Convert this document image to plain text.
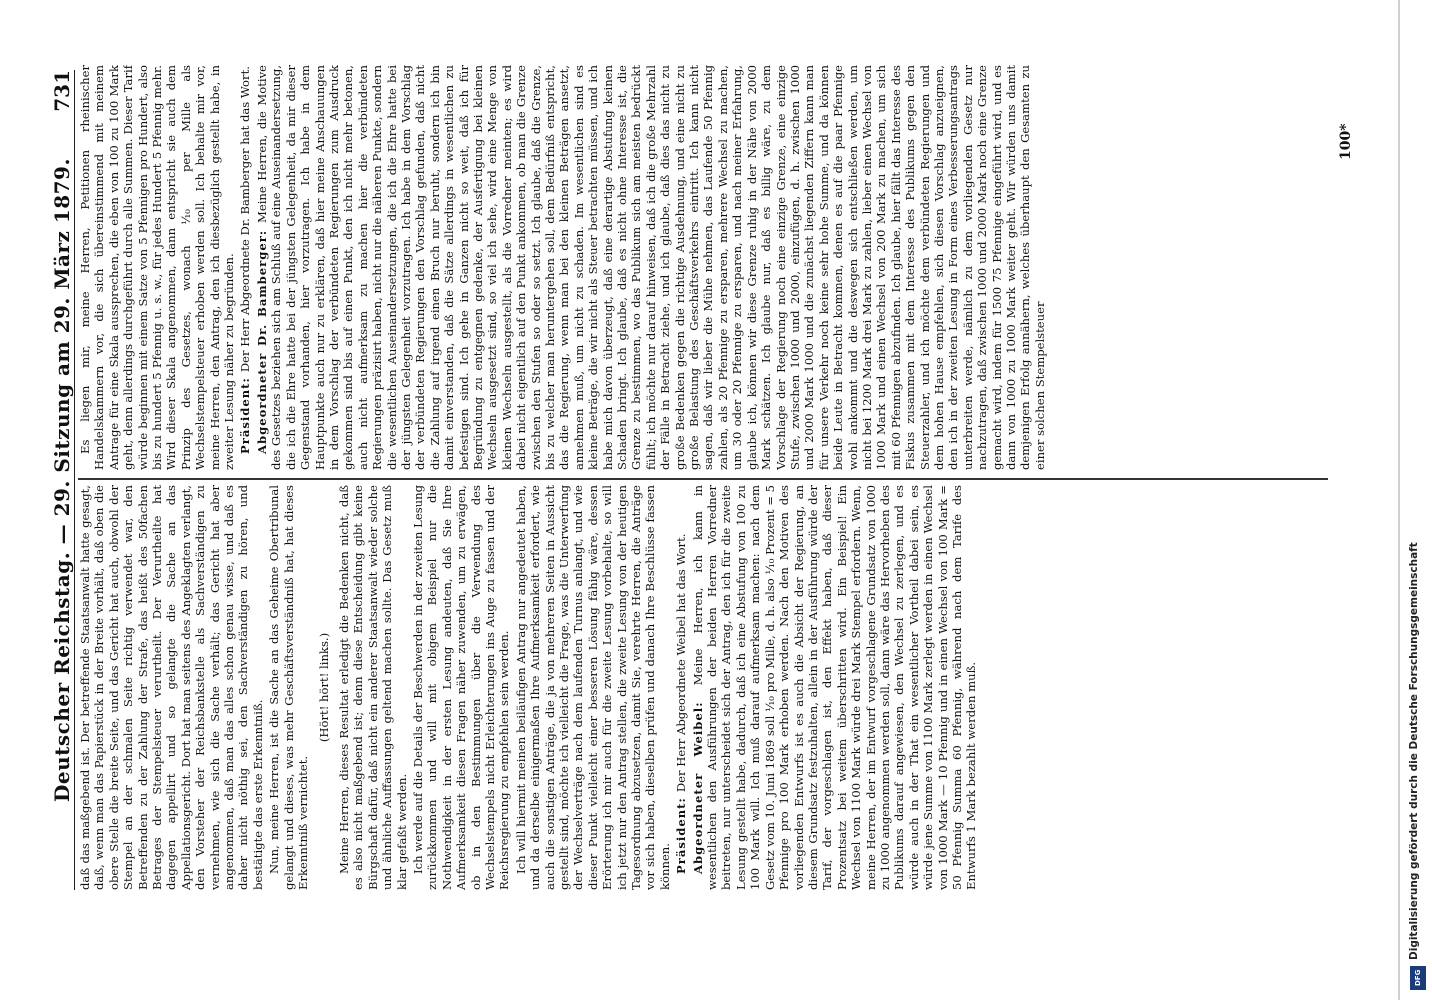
Deutscher Reichstag. — 29. Sitzung am 29. März 1879.
731

daß das maßgebend ist. Der betreffende Staatsanwalt hatte gesagt, daß, wenn man das Papierstück in der Breite vorhält, daß oben die obere Stelle die breite Seite, und das Gericht hat auch, obwohl der Stempel an der schmalen Seite richtig verwendet war, den Betreffenden zu der Zahlung der Strafe, das heißt des 50fachen Betrages der Stempelsteuer verurtheilt. Der Verurtheilte hat dagegen appellirt und so gelangte die Sache an das Appellationsgericht. Dort hat man seitens des Angeklagten verlangt, den Vorsteher der Reichsbankstelle als Sachverständigen zu vernehmen, wie sich die Sache verhält; das Gericht hat aber angenommen, daß man das alles schon genau wisse, und daß es daher nicht nöthig sei, den Sachverständigen zu hören, und bestätigte das erste Erkenntniß. Nun, meine Herren, ist die Sache an das Geheime Obertribunal gelangt und dieses, was mehr Geschäftsverständniß hat, hat dieses Erkenntniß vernichtet.

(Hört! hört! links.) Meine Herren, dieses Resultat erledigt die Bedenken nicht, daß es also nicht maßgebend ist; denn diese Entscheidung gibt keine Bürgschaft dafür, daß nicht ein anderer Staatsanwalt wieder solche und ähnliche Auffassungen geltend machen sollte. Das Gesetz muß klar gefaßt werden. Ich werde auf die Details der Beschwerden in der zweiten Lesung zurückkommen und will mit obigem Beispiel nur die Nothwendigkeit in der ersten Lesung andeuten, daß Sie Ihre Aufmerksamkeit diesen Fragen näher zuwenden, um zu erwägen, ob in den Bestimmungen über die Verwendung des Wechselstempels nicht Erleichterungen ins Auge zu fassen und der Reichsregierung zu empfehlen sein werden. Ich will hiermit meinen beiläufigen Antrag nur angedeutet haben, und da derselbe einigermaßen Ihre Aufmerksamkeit erfordert, wie auch die sonstigen Anträge, die ja von mehreren Seiten in Aussicht gestellt sind, möchte ich vielleicht die Frage, was die Unterwerfung der Wechselverträge nach dem laufenden Turnus anlangt, und wie dieser Punkt vielleicht einer besseren Lösung fähig wäre, dessen Erörterung ich mir auch für die zweite Lesung vorbehalte, so will ich jetzt nur den Antrag stellen, die zweite Lesung von der heutigen Tagesordnung abzusetzen, damit Sie, verehrte Herren, die Anträge vor sich haben, dieselben prüfen und danach Ihre Beschlüsse fassen können. Präsident: Der Herr Abgeordnete Weibel hat das Wort. Abgeordneter Weibel: Meine Herren, ich kann in wesentlichen den Ausführungen der beiden Herren Vorredner beitreten, nur unterscheidet sich der Antrag, den ich für die zweite Lesung gestellt habe, dadurch, daß ich eine Abstufung von 100 zu 100 Mark will. Ich muß darauf aufmerksam machen: nach dem Gesetz vom 10. Juni 1869 soll ⅒ pro Mille, d. h. also ⅒ Prozent = 5 Pfennige pro 100 Mark erhoben werden. Nach den Motiven des vorliegenden Entwurfs ist es auch die Absicht der Regierung, an diesem Grundsatz festzuhalten, allein in der Ausführung würde der Tarif, der vorgeschlagen ist, den Effekt haben, daß dieser Prozentsatz bei weitem überschritten wird. Ein Beispiel! Ein Wechsel von 1100 Mark würde drei Mark Stempel erfordern. Wenn, meine Herren, der im Entwurf vorgeschlagene Grundsatz von 1000 zu 1000 angenommen werden soll, dann wäre das Hervorheben des Publikums darauf angewiesen, den Wechsel zu zerlegen, und es würde auch in der That ein wesentlicher Vortheil dabei sein, es würde jene Summe von 1100 Mark zerlegt werden in einen Wechsel von 1000 Mark — 10 Pfennig und in einen Wechsel von 100 Mark = 50 Pfennig Summa 60 Pfennig, während nach dem Tarife des Entwurfs 1 Mark bezahlt werden muß.

Es liegen mir, meine Herren, Petitionen rheinischer Handelskammern vor, die sich übereinstimmend mit meinem Antrage für eine Skala aussprechen, die eben von 100 zu 100 Mark geht, denn allerdings durchgeführt durch alle Summen. Dieser Tarif würde beginnen mit einem Satze von 5 Pfennigen pro Hundert, also bis zu hundert 5 Pfennig u. s. w., für jedes Hundert 5 Pfennig mehr. Wird dieser Skala angenommen, dann entspricht sie auch dem Prinzip des Gesetzes, wonach ⅒ per Mille als Wechselstempelsteuer erhoben werden soll. Ich behalte mir vor, meine Herren, den Antrag, den ich diesbezüglich gestellt habe, in zweiter Lesung näher zu begründen. Präsident: Der Herr Abgeordnete Dr. Bamberger hat das Wort. Abgeordneter Dr. Bamberger: Meine Herren, die Motive des Gesetzes beziehen sich am Schluß auf eine Auseinandersetzung, die ich die Ehre hatte bei der jüngsten Gelegenheit, da mir dieser Gegenstand vorhanden, hier vorzutragen. Ich habe in dem Hauptpunkte auch nur zu erklären, daß hier meine Anschauungen in dem Vorschlag der verbündeten Regierungen zum Ausdruck gekommen sind bis auf einen Punkt, den ich nicht mehr betonen, auch nicht aufmerksam zu machen hier die verbündeten Regierungen präzisirt haben, nicht nur die näheren Punkte, sondern die wesentlichen Auseinandersetzungen, die ich die Ehre hatte bei der jüngsten Gelegenheit vorzutragen. Ich habe in dem Vorschlag der verbündeten Regierungen den Vorschlag gefunden, daß nicht die Zahlung auf irgend einen Bruch nur beruht, sondern ich bin damit einverstanden, daß die Sätze allerdings in wesentlichen zu befestigen sind. Ich gehe in Ganzen nicht so weit, daß ich für Begründung zu entgegnen gedenke, der Ausfertigung bei kleinen Wechseln ausgesetzt sind, so viel ich sehe, wird eine Menge von kleinen Wechseln ausgestellt, als die Vorredner meinten; es wird dabei nicht eigentlich auf den Punkt ankommen, ob man die Grenze zwischen den Stufen so oder so setzt. Ich glaube, daß die Grenze, bis zu welcher man heruntergehen soll, dem Bedürfniß entspricht, das die Regierung, wenn man bei den kleinen Beträgen ansetzt, annehmen muß, um nicht zu schaden. Im wesentlichen sind es kleine Beträge, die wir nicht als Steuer betrachten müssen, und ich habe mich davon überzeugt, daß eine derartige Abstufung keinen Schaden bringt. Ich glaube, daß es nicht ohne Interesse ist, die Grenze zu bestimmen, wo das Publikum sich am meisten bedrückt fühlt; ich möchte nur darauf hinweisen, daß ich die große Mehrzahl der Fälle in Betracht ziehe, und ich glaube, daß dies das nicht zu große Bedenken gegen die richtige Ausdehnung, und eine nicht zu große Belastung des Geschäftsverkehrs eintritt. Ich kann nicht sagen, daß wir lieber die Mühe nehmen, das Laufende 50 Pfennig zahlen, als 20 Pfennige zu ersparen, mehrere Wechsel zu machen, um 30 oder 20 Pfennige zu ersparen, und nach meiner Erfahrung, glaube ich, können wir diese Grenze ruhig in der Nähe von 2000 Mark schätzen. Ich glaube nur, daß es billig wäre, zu dem Vorschlage der Regierung noch eine einzige Grenze, eine einzige Stufe, zwischen 1000 und 2000, einzufügen, d. h. zwischen 1000 und 2000 Mark 1000 und die zunächst liegenden Ziffern kann man für unsere Verkehr noch keine sehr hohe Summe, und da können beide Leute in Betracht kommen, denen es auf die paar Pfennige wohl ankommt und die deswegen sich entschließen werden, um nicht bei 1200 Mark drei Mark zu zahlen, lieber einen Wechsel von 1000 Mark und einen Wechsel von 200 Mark zu machen, um sich mit 60 Pfennigen abzufinden. Ich glaube, hier fällt das Interesse des Fiskus zusammen mit dem Interesse des Publikums gegen den Steuerzahler, und ich möchte dem verbündeten Regierungen und dem hohen Hause empfehlen, sich diesen Vorschlag anzueignen, den ich in der zweiten Lesung in Form eines Verbesserungsantrags unterbreiten werde, nämlich zu dem vorliegenden Gesetz nur nachzutragen, daß zwischen 1000 und 2000 Mark noch eine Grenze gemacht wird, indem für 1500 75 Pfennige eingeführt wird, und es dann von 1000 zu 1000 Mark weiter geht. Wir würden uns damit demjenigen Erfolg annähern, welches überhaupt den Gesamten zu einer solchen Stempelsteuer

100*
Digitalisierung gefördert durch die Deutsche Forschungsgemeinschaft
DFG
